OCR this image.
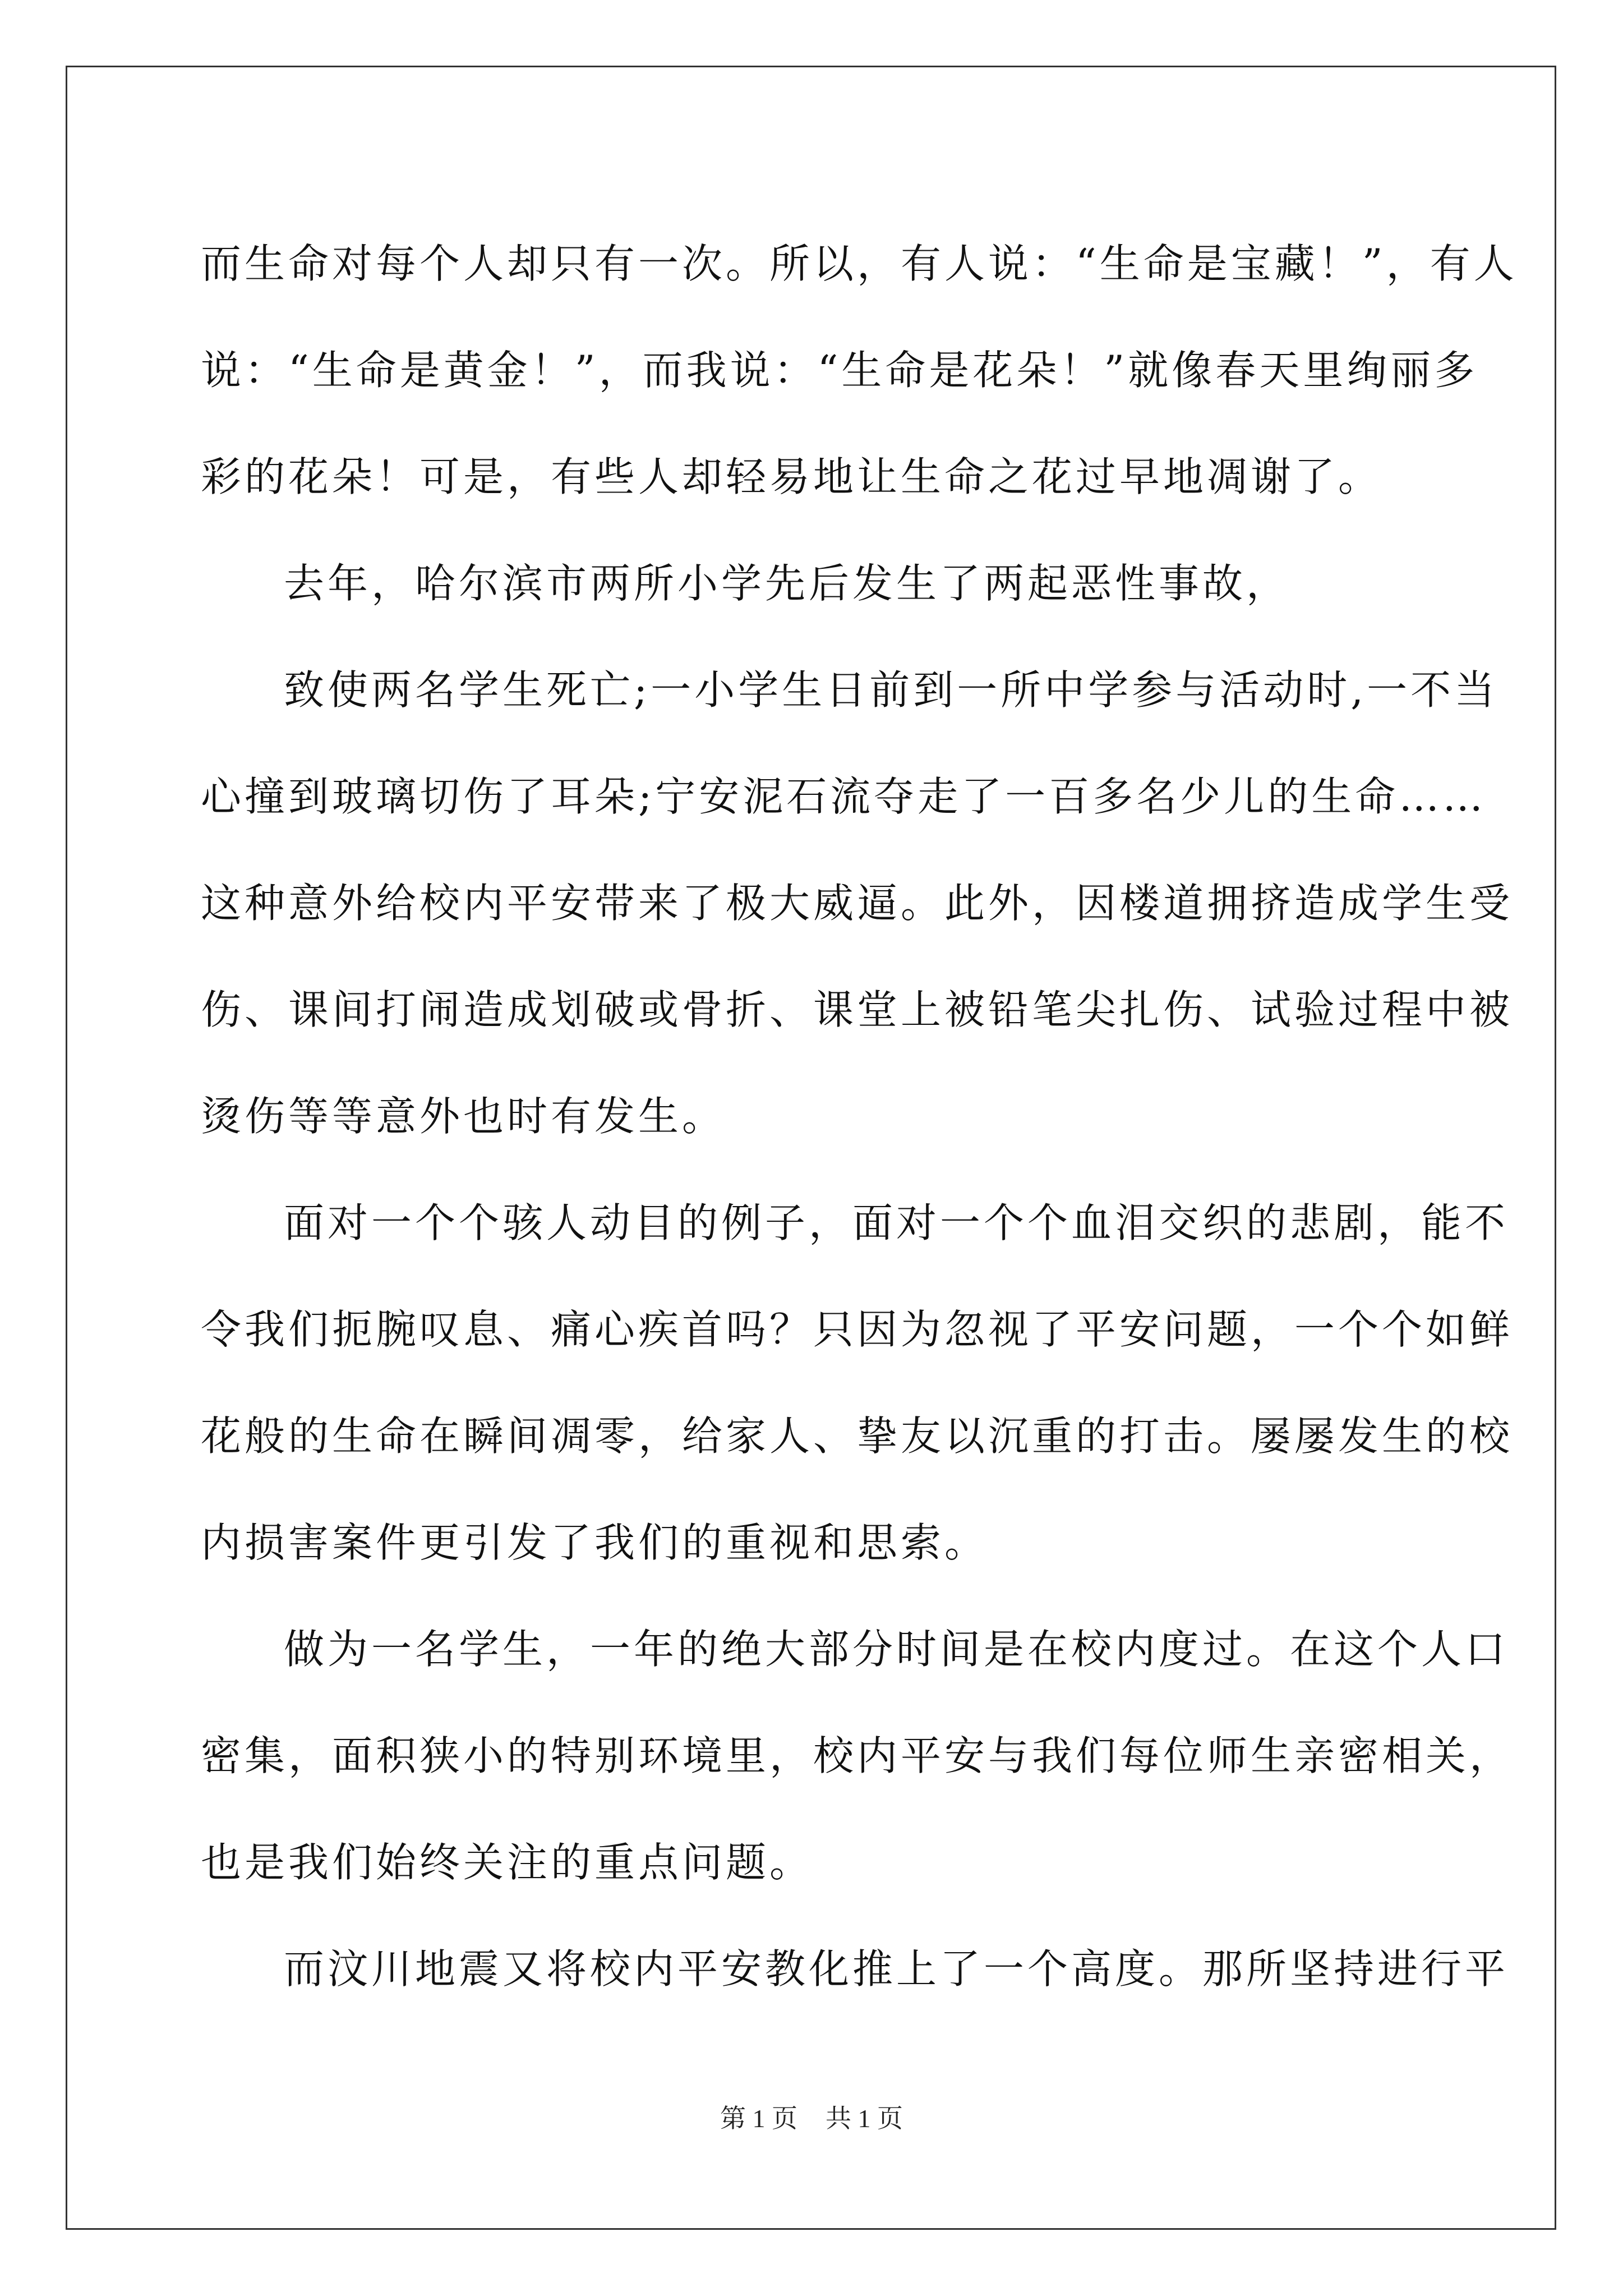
而生命对每个人却只有一次。所以，有人说：“生命是宝藏！”，有人
说：“生命是黄金！”，而我说：“生命是花朵！”就像春天里绚丽多
彩的花朵！可是，有些人却轻易地让生命之花过早地凋谢了。
去年，哈尔滨市两所小学先后发生了两起恶性事故，
致使两名学生死亡;一小学生日前到一所中学参与活动时,一不当
心撞到玻璃切伤了耳朵;宁安泥石流夺走了一百多名少儿的生命……
这种意外给校内平安带来了极大威逼。此外，因楼道拥挤造成学生受
伤、课间打闹造成划破或骨折、课堂上被铅笔尖扎伤、试验过程中被
烫伤等等意外也时有发生。
面对一个个骇人动目的例子，面对一个个血泪交织的悲剧，能不
令我们扼腕叹息、痛心疾首吗？只因为忽视了平安问题，一个个如鲜
花般的生命在瞬间凋零，给家人、挚友以沉重的打击。屡屡发生的校
内损害案件更引发了我们的重视和思索。
做为一名学生，一年的绝大部分时间是在校内度过。在这个人口
密集，面积狭小的特别环境里，校内平安与我们每位师生亲密相关，
也是我们始终关注的重点问题。
而汶川地震又将校内平安教化推上了一个高度。那所坚持进行平
第 1 页 共 1 页
